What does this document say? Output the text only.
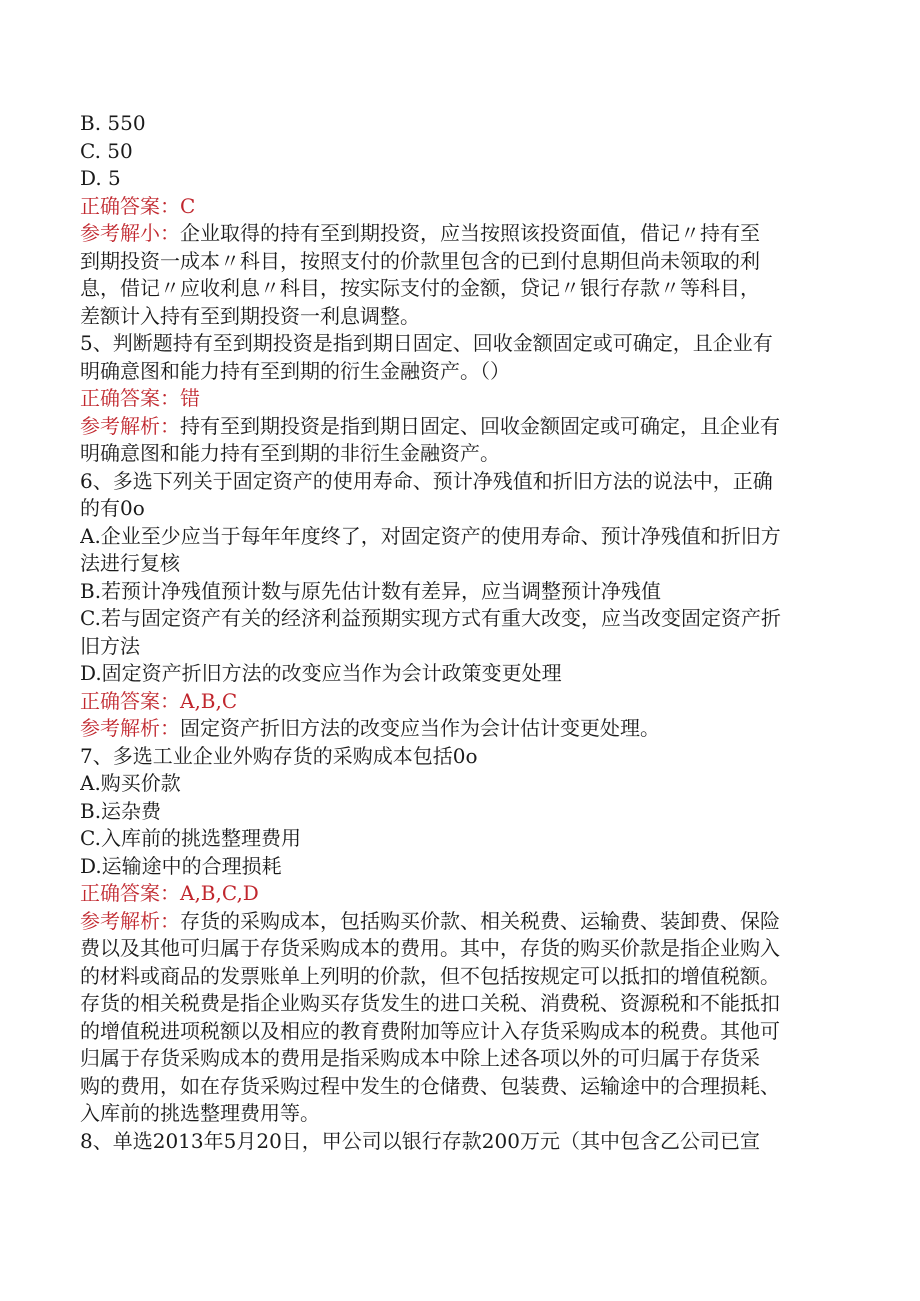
B. 550
C. 50
D. 5
正确答案：C
参考解小：企业取得的持有至到期投资，应当按照该投资面值，借记〃持有至
到期投资一成本〃科目，按照支付的价款里包含的已到付息期但尚未领取的利
息，借记〃应收利息〃科目，按实际支付的金额，贷记〃银行存款〃等科目，
差额计入持有至到期投资一利息调整。
5、判断题持有至到期投资是指到期日固定、回收金额固定或可确定，且企业有
明确意图和能力持有至到期的衍生金融资产。（）
正确答案：错
参考解析：持有至到期投资是指到期日固定、回收金额固定或可确定，且企业有
明确意图和能力持有至到期的非衍生金融资产。
6、多选下列关于固定资产的使用寿命、预计净残值和折旧方法的说法中，正确
的有0o
A.企业至少应当于每年年度终了，对固定资产的使用寿命、预计净残值和折旧方
法进行复核
B.若预计净残值预计数与原先估计数有差异，应当调整预计净残值
C.若与固定资产有关的经济利益预期实现方式有重大改变，应当改变固定资产折
旧方法
D.固定资产折旧方法的改变应当作为会计政策变更处理
正确答案：A,B,C
参考解析：固定资产折旧方法的改变应当作为会计估计变更处理。
7、多选工业企业外购存货的采购成本包括0o
A.购买价款
B.运杂费
C.入库前的挑选整理费用
D.运输途中的合理损耗
正确答案：A,B,C,D
参考解析：存货的采购成本，包括购买价款、相关税费、运输费、装卸费、保险
费以及其他可归属于存货采购成本的费用。其中，存货的购买价款是指企业购入
的材料或商品的发票账单上列明的价款，但不包括按规定可以抵扣的增值税额。
存货的相关税费是指企业购买存货发生的进口关税、消费税、资源税和不能抵扣
的增值税进项税额以及相应的教育费附加等应计入存货采购成本的税费。其他可
归属于存货采购成本的费用是指采购成本中除上述各项以外的可归属于存货采
购的费用，如在存货采购过程中发生的仓储费、包装费、运输途中的合理损耗、
入库前的挑选整理费用等。
8、单选2013年5月20日，甲公司以银行存款200万元（其中包含乙公司已宣
